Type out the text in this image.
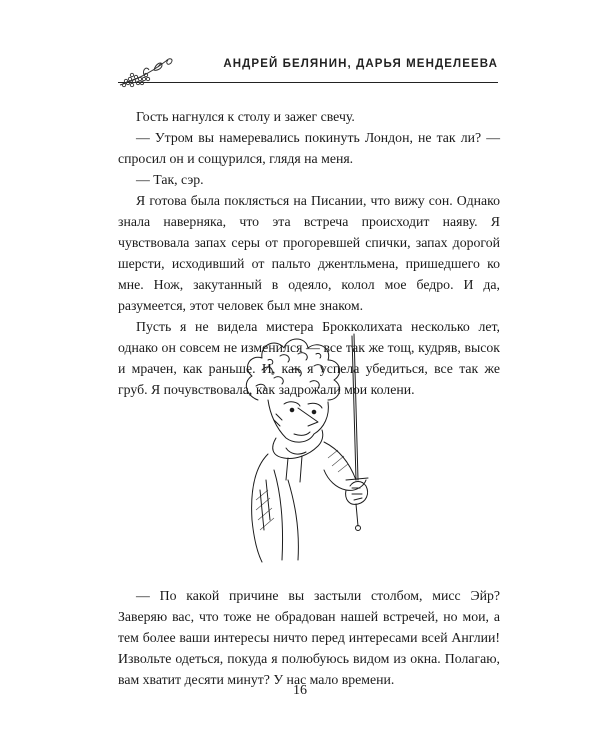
АНДРЕЙ БЕЛЯНИН, ДАРЬЯ МЕНДЕЛЕЕВА

Гость нагнулся к столу и зажег свечу.

— Утром вы намеревались покинуть Лондон, не так ли? — спросил он и сощурился, глядя на меня.

— Так, сэр.

Я готова была поклясться на Писании, что вижу сон. Однако знала наверняка, что эта встреча происходит наяву. Я чувствовала запах серы от прогоревшей спички, запах дорогой шерсти, исходивший от пальто джентльмена, пришедшего ко мне. Нож, закутанный в одеяло, колол мое бедро. И да, разумеется, этот человек был мне знаком.

Пусть я не видела мистера Брокколихата несколько лет, однако он совсем не изменился — все так же тощ, кудряв, высок и мрачен, как раньше. И, как я успела убедиться, все так же груб. Я почувствовала, как задрожали мои колени.

— По какой причине вы застыли столбом, мисс Эйр? Заверяю вас, что тоже не обрадован нашей встречей, но мои, а тем более ваши интересы ничто перед интересами всей Англии! Извольте одеться, покуда я полюбуюсь видом из окна. Полагаю, вам хватит десяти минут? У нас мало времени.

16
